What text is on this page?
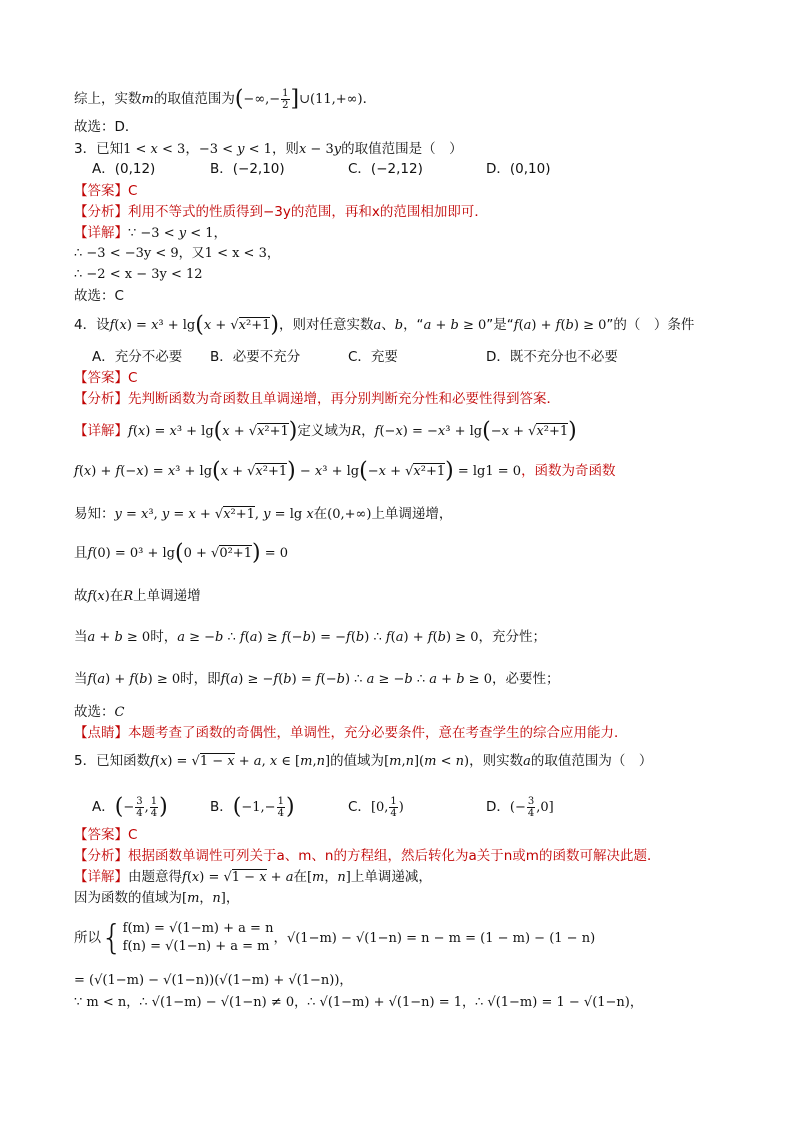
综上，实数m的取值范围为(−∞,− $\frac{1}{2}$ ]∪(11,+∞)．
故选：D．
3．已知1 < x < 3，−3 < y < 1，则x − 3y的取值范围是（　）
A．(0,12)	B．(−2,10)	C．(−2,12)	D．(0,10)
【答案】C
【分析】利用不等式的性质得到−3y的范围，再和x的范围相加即可．
【详解】∵ −3 < y < 1，
∴ −3 < −3y < 9，又1 < x < 3，
∴ −2 < x − 3y < 12
故选：C
4．设f(x) = x³ + lg(x + √x²+1)，则对任意实数a、b，“a + b ≥ 0”是“f(a) + f(b) ≥ 0”的（　）条件
A．充分不必要 B．必要不充分	C．充要	D．既不充分也不必要
【答案】C
【分析】先判断函数为奇函数且单调递增，再分别判断充分性和必要性得到答案．
【详解】f(x) = x³ + lg(x + √x²+1)定义域为R，f(−x) = −x³ + lg(−x + √x²+1)
f(x) + f(−x) = x³ + lg(x + √x²+1) − x³ + lg(−x + √x²+1) = lg1 = 0，函数为奇函数
易知：y = x³, y = x + √x²+1, y = lg x在(0,+∞)上单调递增，
且f(0) = 0³ + lg(0 + √0²+1) = 0
故f(x)在R上单调递增
当a + b ≥ 0时，a ≥ −b ∴ f(a) ≥ f(−b) = −f(b) ∴ f(a) + f(b) ≥ 0，充分性；
当f(a) + f(b) ≥ 0时，即f(a) ≥ −f(b) = f(−b) ∴ a ≥ −b ∴ a + b ≥ 0，必要性；
故选：C
【点睛】本题考查了函数的奇偶性，单调性，充分必要条件，意在考查学生的综合应用能力．
5．已知函数f(x) = √1 − x + a, x ∈ [m,n]的值域为[m,n](m < n)，则实数a的取值范围为（　）
A．(− $\frac{3}{4}$ , $\frac{1}{4}$ )	B．($-1,- \frac{1}{4}$ )	C．[0, $\frac{1}{4}$ )	D．(− $\frac{3}{4} ,0$]
【答案】C
【分析】根据函数单调性可列关于a、m、n的方程组，然后转化为a关于n或m的函数可解决此题．
【详解】由题意得f(x) = √1 − x + a在[m，n]上单调递减，
因为函数的值域为[m，n]，
所以{ f(m) = √(1−m) + a = n
f(n) = √(1−n) + a = m
，√(1−m) − √(1−n) = n − m = (1 − m) − (1 − n)
= (√(1−m) − √(1−n))(√(1−m) + √(1−n))，
∵ m < n，∴ √(1−m) − √(1−n) ≠ 0，∴ √(1−m) + √(1−n) = 1，∴ √(1−m) = 1 − √(1−n)，
